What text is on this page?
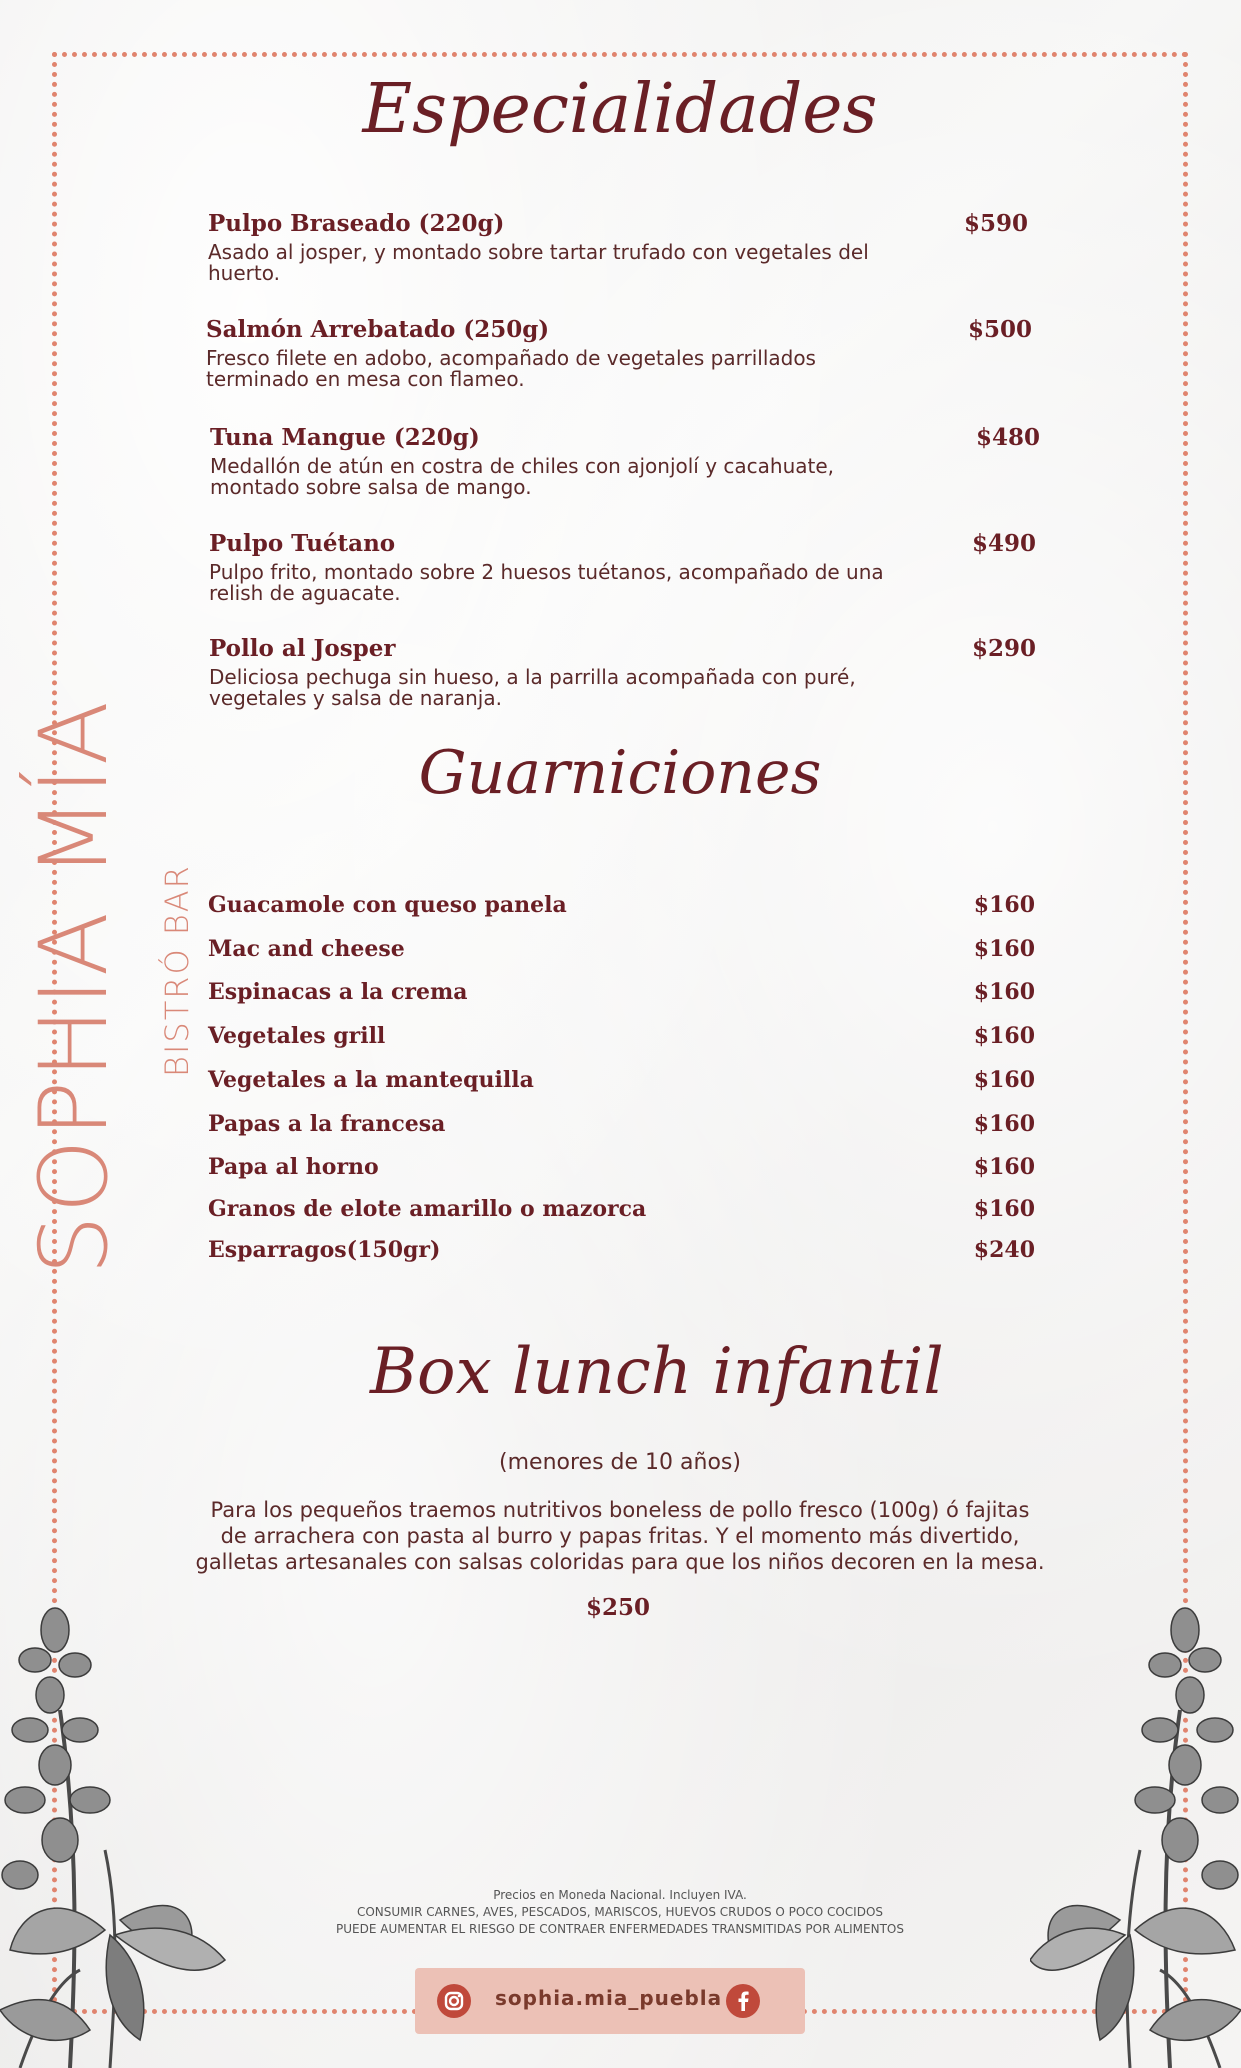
SOPHIA MÍA BISTRÓ BAR
Especialidades
Pulpo Braseado (220g)
Asado al josper, y montado sobre tartar trufado con vegetales del
huerto.
$590
Salmón Arrebatado (250g)
Fresco filete en adobo, acompañado de vegetales parrillados
terminado en mesa con flameo.
$500
Tuna Mangue (220g)
Medallón de atún en costra de chiles con ajonjolí y cacahuate,
montado sobre salsa de mango.
$480
Pulpo Tuétano
Pulpo frito, montado sobre 2 huesos tuétanos, acompañado de una
relish de aguacate.
$490
Pollo al Josper
Deliciosa pechuga sin hueso, a la parrilla acompañada con puré,
vegetales y salsa de naranja.
$290
Guarniciones
Guacamole con queso panela	$160
Mac and cheese	$160
Espinacas a la crema	$160
Vegetales grill	$160
Vegetales a la mantequilla	$160
Papas a la francesa	$160
Papa al horno	$160
Granos de elote amarillo o mazorca	$160
Esparragos(150gr)	$240
Box lunch infantil
(menores de 10 años)
Para los pequeños traemos nutritivos boneless de pollo fresco (100g) ó fajitas
de arrachera con pasta al burro y papas fritas. Y el momento más divertido,
galletas artesanales con salsas coloridas para que los niños decoren en la mesa.
$250
Precios en Moneda Nacional. Incluyen IVA.
CONSUMIR CARNES, AVES, PESCADOS, MARISCOS, HUEVOS CRUDOS O POCO COCIDOS
PUEDE AUMENTAR EL RIESGO DE CONTRAER ENFERMEDADES TRANSMITIDAS POR ALIMENTOS
sophia.mia_puebla
